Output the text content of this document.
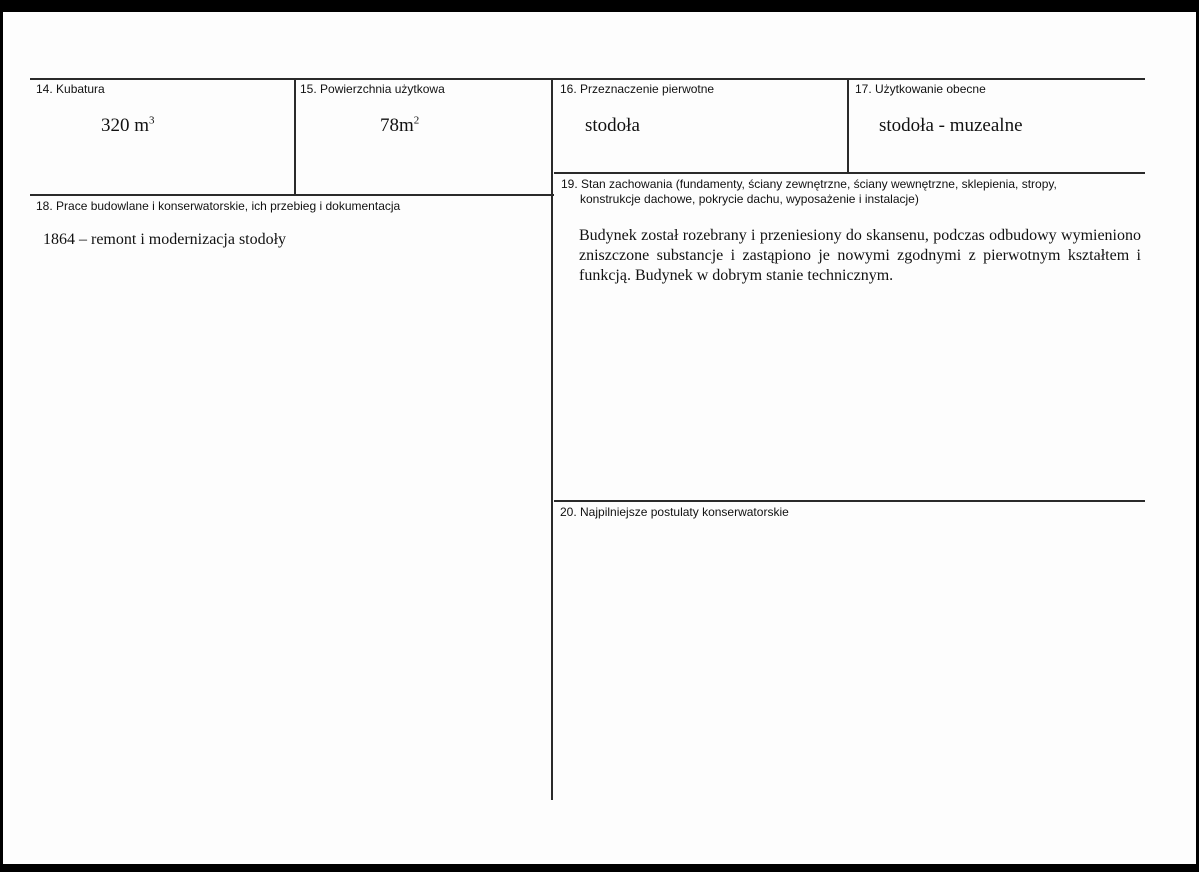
14. Kubatura
320 $m^3$
15. Powierzchnia użytkowa
$78m^2$
16. Przeznaczenie pierwotne
stodoła
17. Użytkowanie obecne
stodoła - muzealne
18. Prace budowlane i konserwatorskie, ich przebieg i dokumentacja
1864 – remont i modernizacja stodoły
19. Stan zachowania (fundamenty, ściany zewnętrzne, ściany wewnętrzne, sklepienia, stropy,
konstrukcje dachowe, pokrycie dachu, wyposażenie i instalacje)
Budynek został rozebrany i przeniesiony do skansenu, podczas odbudowy wymieniono zniszczone substancje i zastąpiono je nowymi zgodnymi z pierwotnym kształtem i funkcją. Budynek w dobrym stanie technicznym.
20. Najpilniejsze postulaty konserwatorskie
